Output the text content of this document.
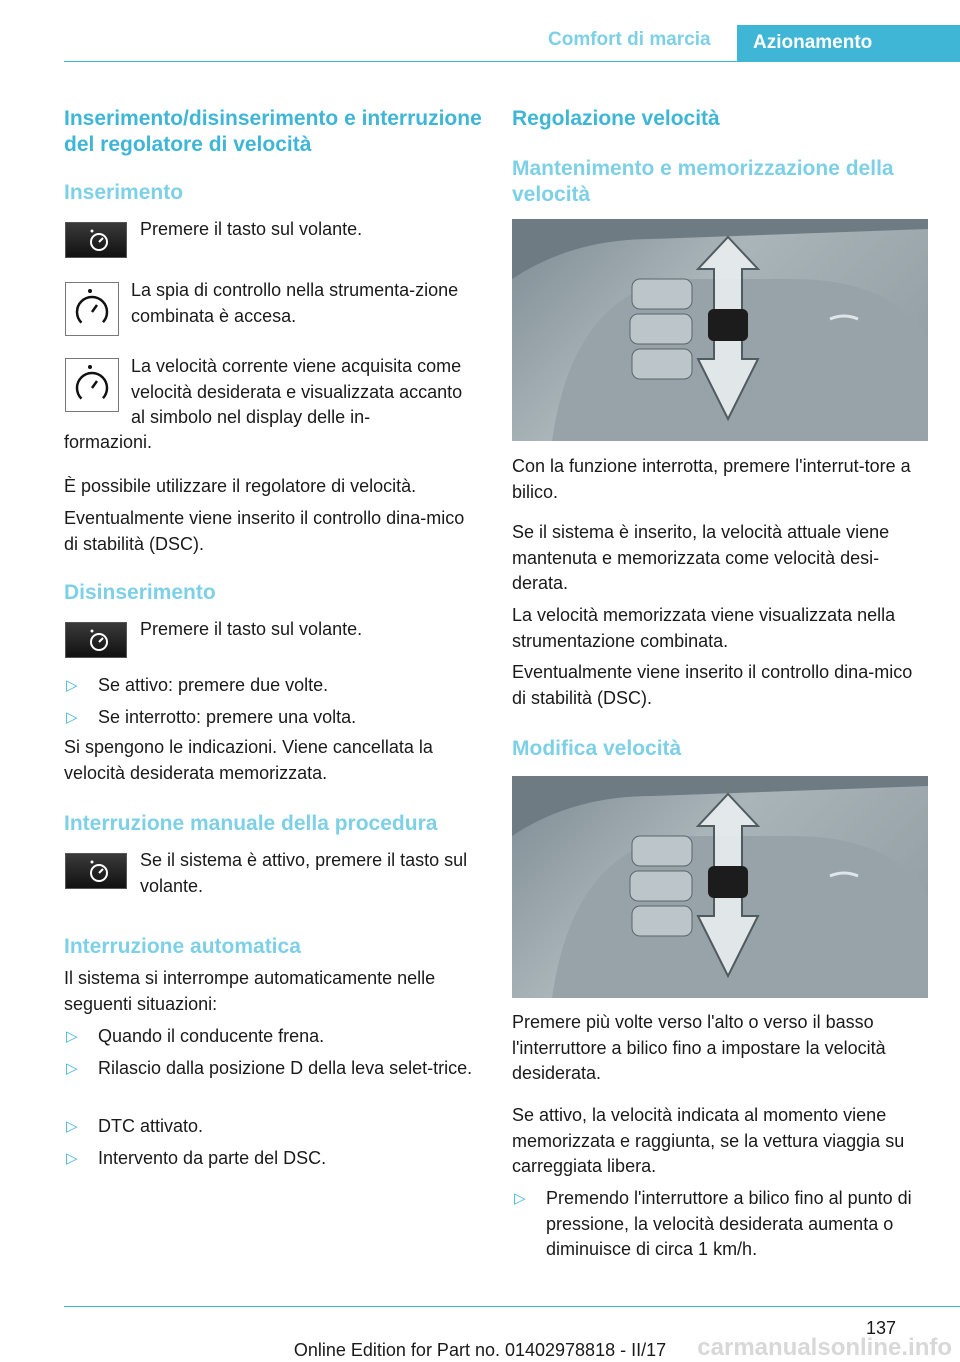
Comfort di marcia	Azionamento
Inserimento/disinserimento e interruzione del regolatore di velocità
Inserimento

Premere il tasto sul volante.

La spia di controllo nella strumenta-zione combinata è accesa.

La velocità corrente viene acquisita come velocità desiderata e visualizzata accanto al simbolo nel display delle in-

formazioni.

È possibile utilizzare il regolatore di velocità.

Eventualmente viene inserito il controllo dina-mico di stabilità (DSC).

Disinserimento

Premere il tasto sul volante.

▷ Se attivo: premere due volte.

▷ Se interrotto: premere una volta.

Si spengono le indicazioni. Viene cancellata la velocità desiderata memorizzata.

Interruzione manuale della procedura

Se il sistema è attivo, premere il tasto sul volante.

Interruzione automatica

Il sistema si interrompe automaticamente nelle seguenti situazioni:

▷ Quando il conducente frena.

▷ Rilascio dalla posizione D della leva selet-trice.

▷ DTC attivato.

▷ Intervento da parte del DSC.

Regolazione velocità
Mantenimento e memorizzazione della velocità

Con la funzione interrotta, premere l'interrut-tore a bilico.

Se il sistema è inserito, la velocità attuale viene mantenuta e memorizzata come velocità desi-derata.

La velocità memorizzata viene visualizzata nella strumentazione combinata.

Eventualmente viene inserito il controllo dina-mico di stabilità (DSC).

Modifica velocità

Premere più volte verso l'alto o verso il basso l'interruttore a bilico fino a impostare la velocità desiderata.

Se attivo, la velocità indicata al momento viene memorizzata e raggiunta, se la vettura viaggia su carreggiata libera.

▷ Premendo l'interruttore a bilico fino al punto di pressione, la velocità desiderata aumenta o diminuisce di circa 1 km/h.

137
carmanualsonline.info
Online Edition for Part no. 01402978818 - II/17
